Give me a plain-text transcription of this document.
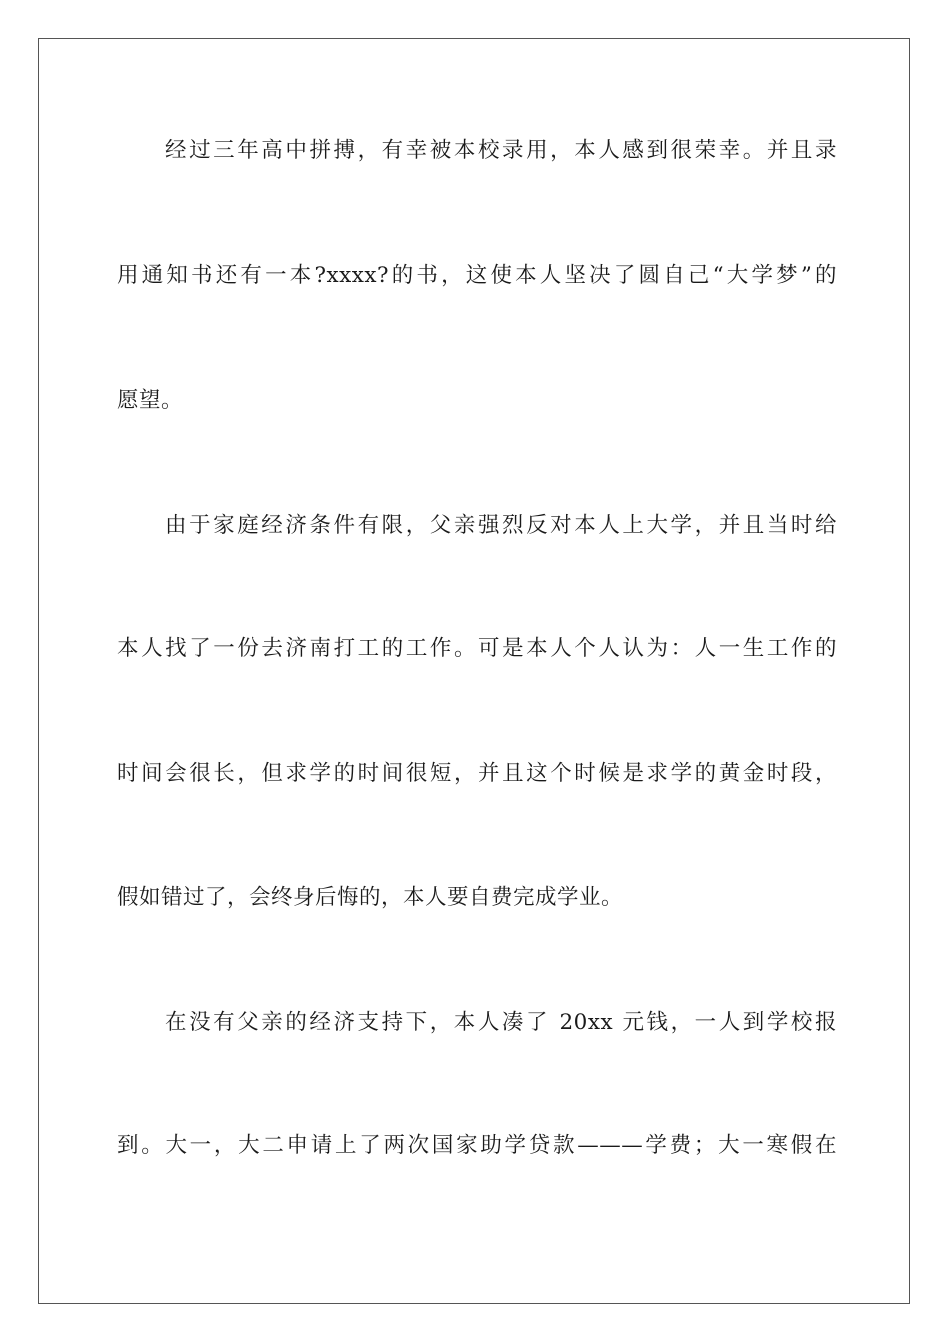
经过三年高中拼搏，有幸被本校录用，本人感到很荣幸。并且录
用通知书还有一本?xxxx?的书，这使本人坚决了圆自己“大学梦”的
愿望。
由于家庭经济条件有限，父亲强烈反对本人上大学，并且当时给
本人找了一份去济南打工的工作。可是本人个人认为：人一生工作的
时间会很长，但求学的时间很短，并且这个时候是求学的黄金时段，
假如错过了，会终身后悔的，本人要自费完成学业。
在没有父亲的经济支持下，本人凑了 20xx 元钱，一人到学校报
到。大一，大二申请上了两次国家助学贷款———学费；大一寒假在
